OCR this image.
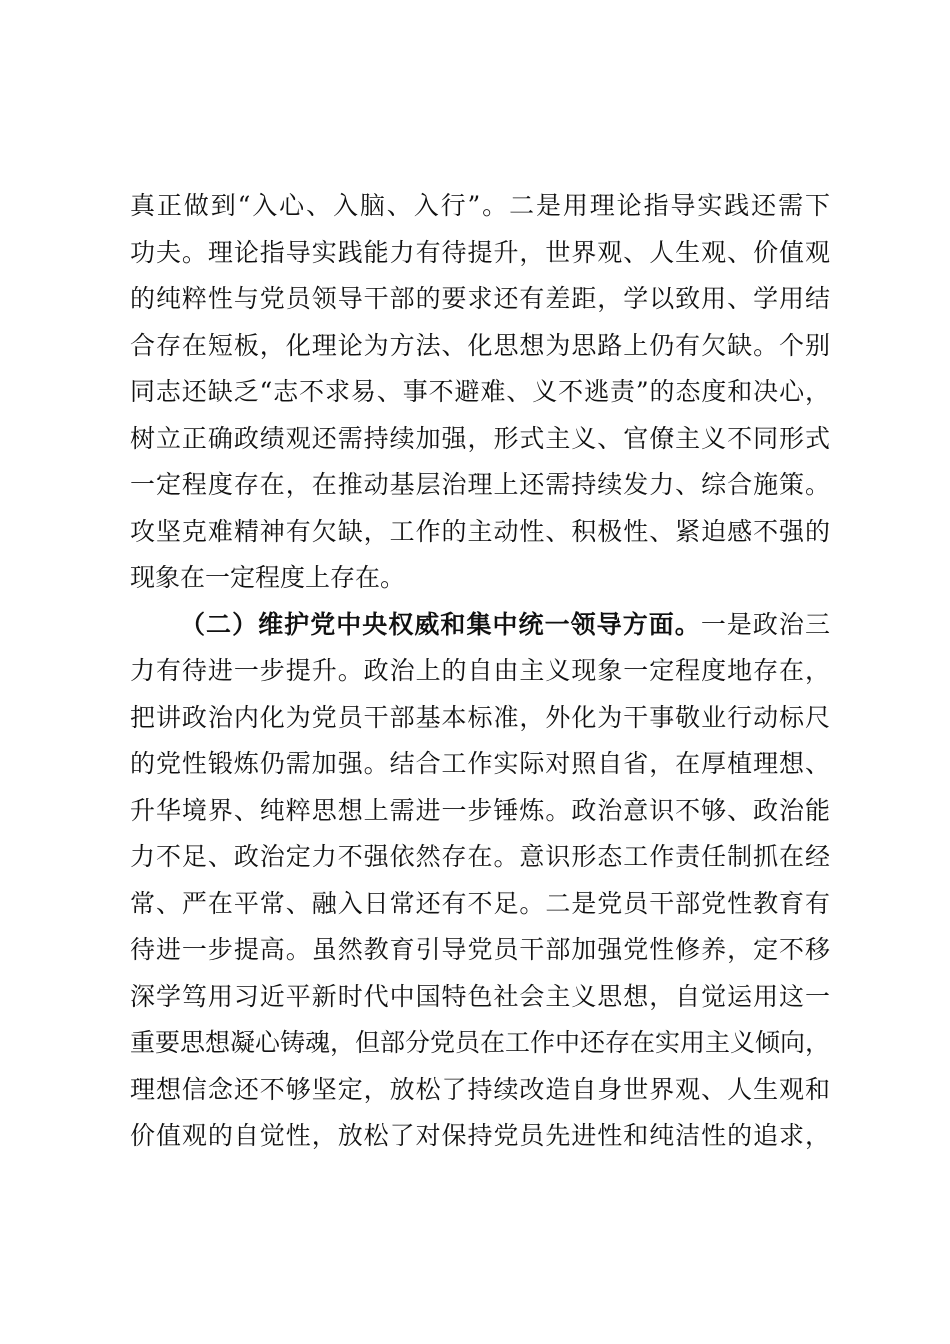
真正做到“入心、入脑、入行”。二是用理论指导实践还需下
功夫。理论指导实践能力有待提升，世界观、人生观、价值观
的纯粹性与党员领导干部的要求还有差距，学以致用、学用结
合存在短板，化理论为方法、化思想为思路上仍有欠缺。个别
同志还缺乏“志不求易、事不避难、义不逃责”的态度和决心，
树立正确政绩观还需持续加强，形式主义、官僚主义不同形式
一定程度存在，在推动基层治理上还需持续发力、综合施策。
攻坚克难精神有欠缺，工作的主动性、积极性、紧迫感不强的
现象在一定程度上存在。
（二）维护党中央权威和集中统一领导方面。一是政治三
力有待进一步提升。政治上的自由主义现象一定程度地存在，
把讲政治内化为党员干部基本标准，外化为干事敬业行动标尺
的党性锻炼仍需加强。结合工作实际对照自省，在厚植理想、
升华境界、纯粹思想上需进一步锤炼。政治意识不够、政治能
力不足、政治定力不强依然存在。意识形态工作责任制抓在经
常、严在平常、融入日常还有不足。二是党员干部党性教育有
待进一步提高。虽然教育引导党员干部加强党性修养，定不移
深学笃用习近平新时代中国特色社会主义思想，自觉运用这一
重要思想凝心铸魂，但部分党员在工作中还存在实用主义倾向，
理想信念还不够坚定，放松了持续改造自身世界观、人生观和
价值观的自觉性，放松了对保持党员先进性和纯洁性的追求，
